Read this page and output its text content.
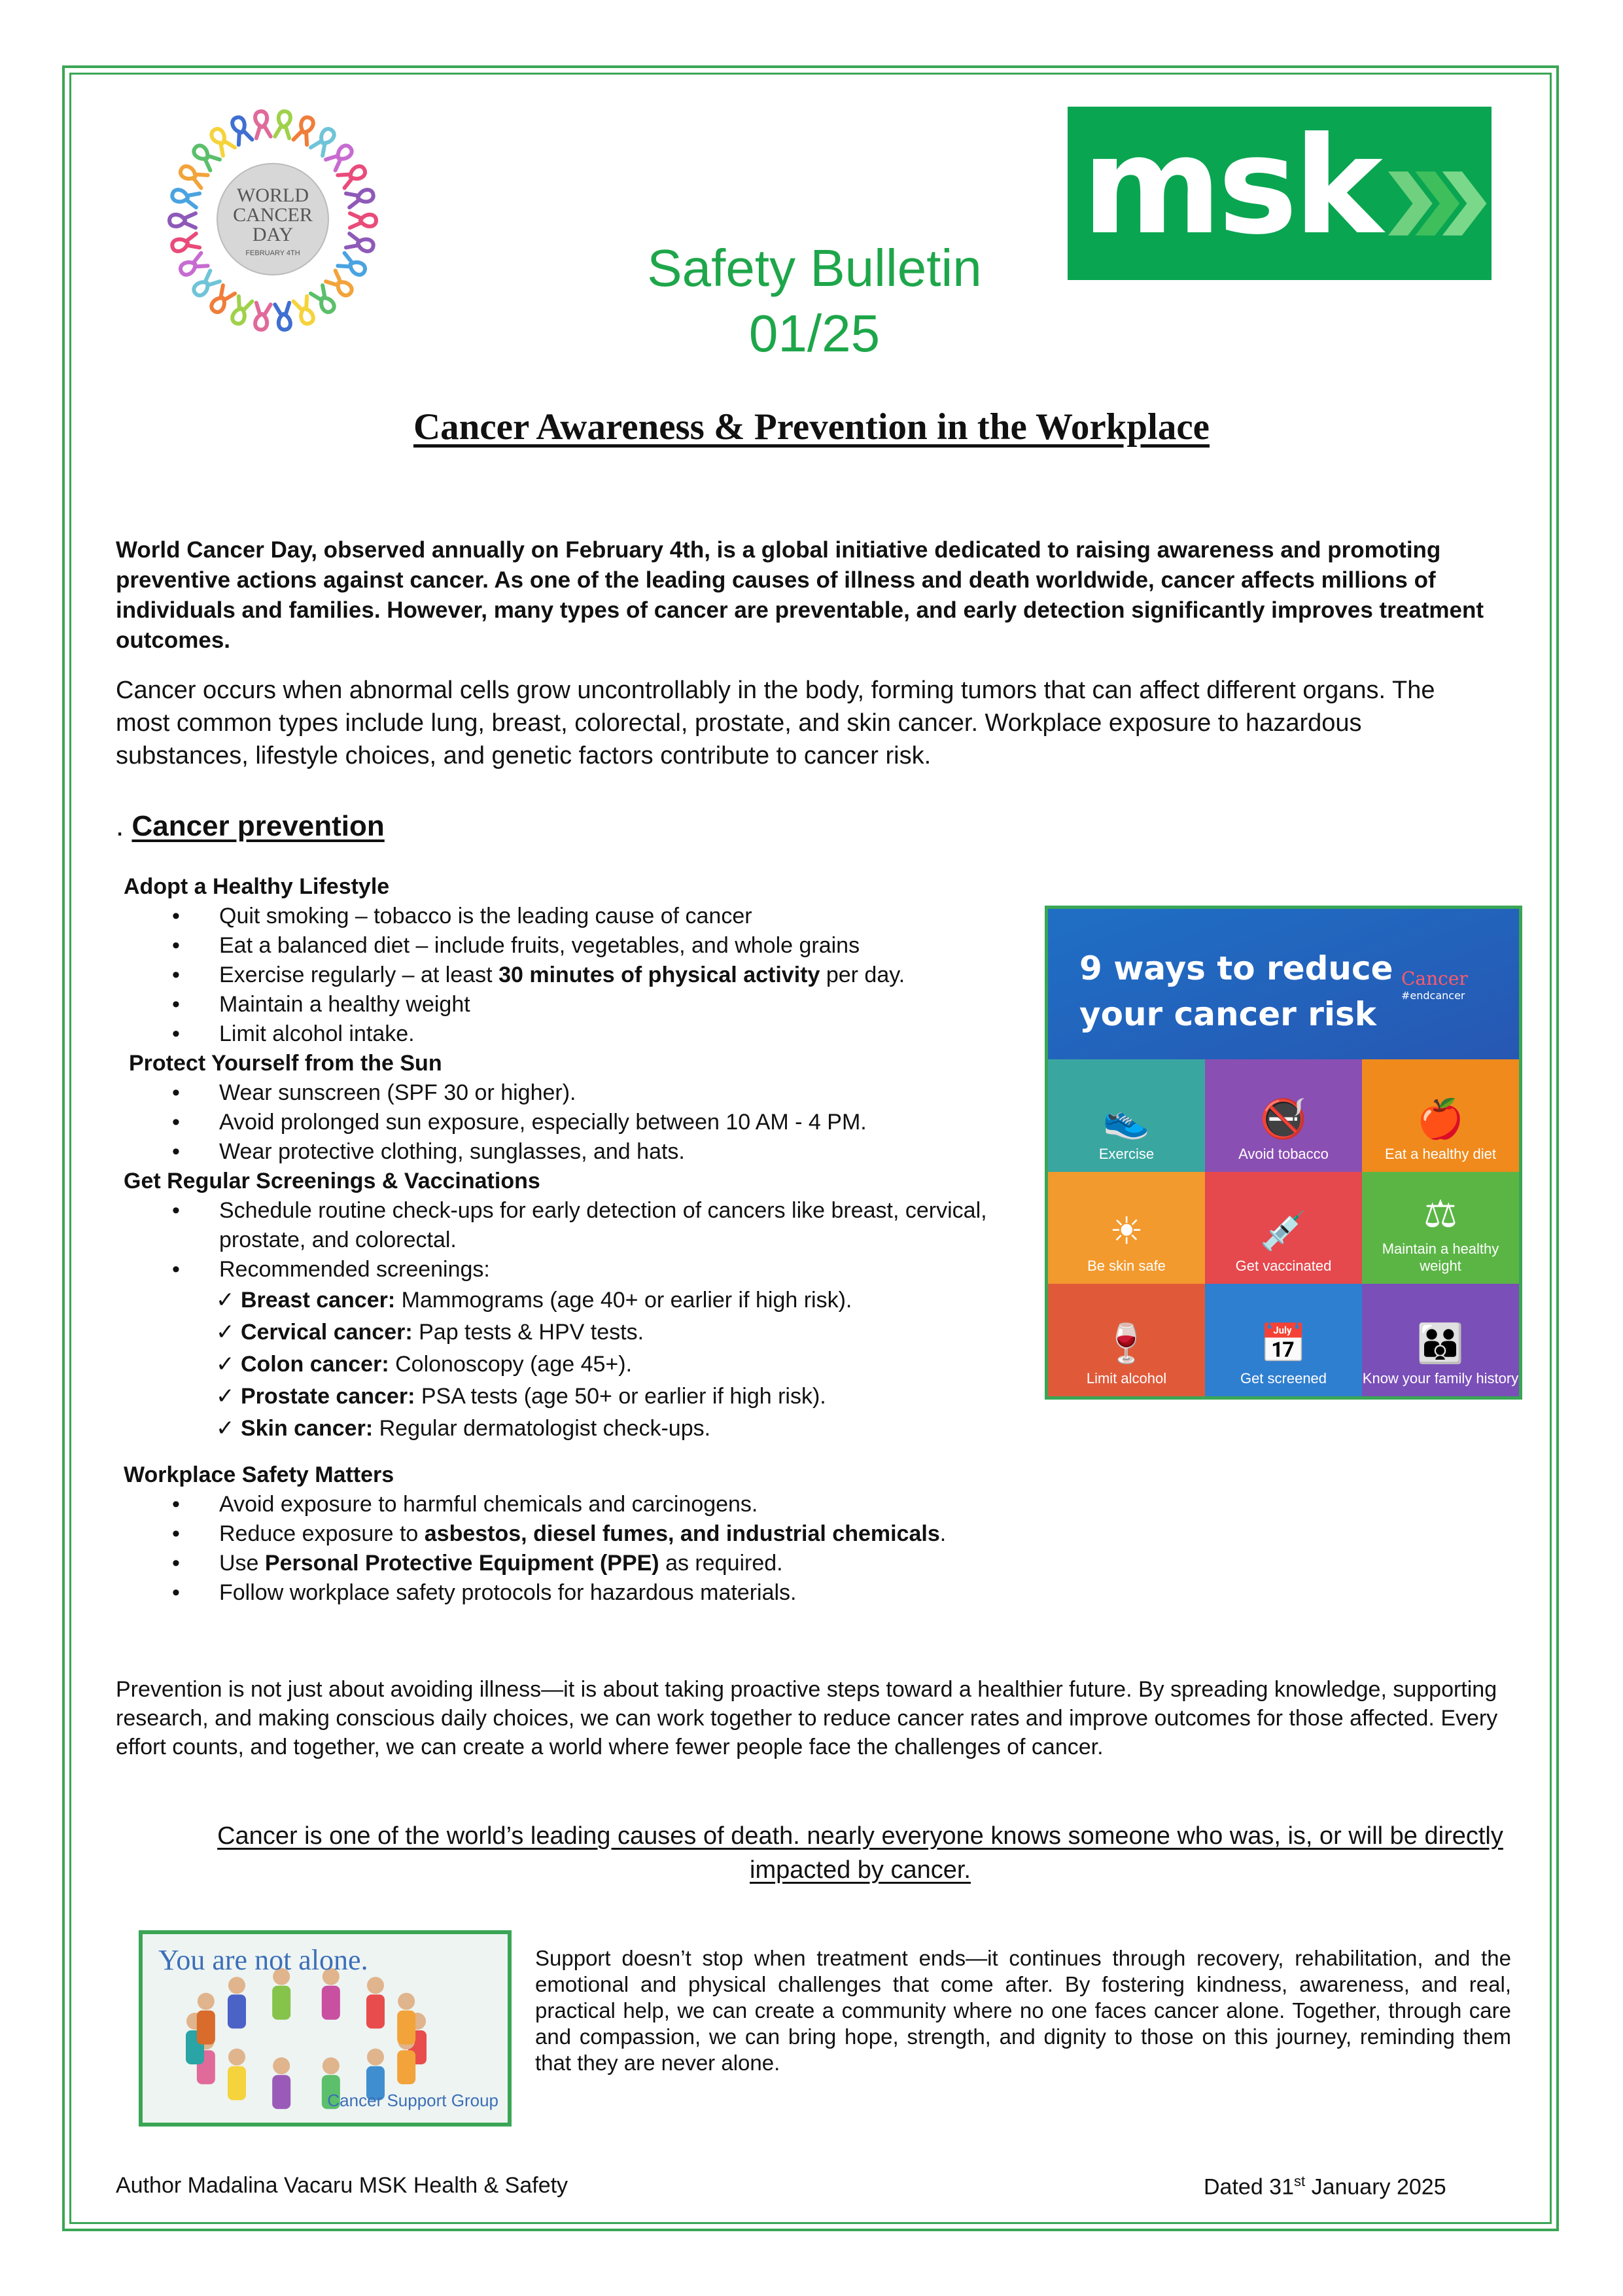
WORLD
CANCER
DAY
FEBRUARY 4TH	msk
Safety Bulletin
01/25
Cancer Awareness & Prevention in the Workplace
World Cancer Day, observed annually on February 4th, is a global initiative dedicated to raising awareness and promoting preventive actions against cancer. As one of the leading causes of illness and death worldwide, cancer affects millions of individuals and families. However, many types of cancer are preventable, and early detection significantly improves treatment outcomes.
Cancer occurs when abnormal cells grow uncontrollably in the body, forming tumors that can affect different organs. The most common types include lung, breast, colorectal, prostate, and skin cancer. Workplace exposure to hazardous substances, lifestyle choices, and genetic factors contribute to cancer risk.
. Cancer prevention
Adopt a Healthy Lifestyle
• Quit smoking – tobacco is the leading cause of cancer
• Eat a balanced diet – include fruits, vegetables, and whole grains
• Exercise regularly – at least 30 minutes of physical activity per day.
• Maintain a healthy weight
• Limit alcohol intake.
Protect Yourself from the Sun
• Wear sunscreen (SPF 30 or higher).
• Avoid prolonged sun exposure, especially between 10 AM - 4 PM.
• Wear protective clothing, sunglasses, and hats.
Get Regular Screenings & Vaccinations
• Schedule routine check-ups for early detection of cancers like breast, cervical, prostate, and colorectal.
• Recommended screenings:
✓ Breast cancer: Mammograms (age 40+ or earlier if high risk).
✓ Cervical cancer: Pap tests & HPV tests.
✓ Colon cancer: Colonoscopy (age 45+).
✓ Prostate cancer: PSA tests (age 50+ or earlier if high risk).
✓ Skin cancer: Regular dermatologist check-ups.
Workplace Safety Matters
• Avoid exposure to harmful chemicals and carcinogens.
• Reduce exposure to asbestos, diesel fumes, and industrial chemicals.
• Use Personal Protective Equipment (PPE) as required.
• Follow workplace safety protocols for hazardous materials.
9 ways to reduce
your cancer risk
Cancer
#endcancer
👟
Exercise
🚭
Avoid tobacco
🍎
Eat a healthy diet
☀
Be skin safe
💉
Get vaccinated
⚖
Maintain a healthy weight
🍷
Limit alcohol
📅
Get screened
👪
Know your family history
Prevention is not just about avoiding illness—it is about taking proactive steps toward a healthier future. By spreading knowledge, supporting research, and making conscious daily choices, we can work together to reduce cancer rates and improve outcomes for those affected. Every effort counts, and together, we can create a world where fewer people face the challenges of cancer.
Cancer is one of the world’s leading causes of death. nearly everyone knows someone who was, is, or will be directly impacted by cancer.
You are not alone.
Cancer Support Group
Support doesn’t stop when treatment ends—it continues through recovery, rehabilitation, and the emotional and physical challenges that come after. By fostering kindness, awareness, and real, practical help, we can create a community where no one faces cancer alone. Together, through care and compassion, we can bring hope, strength, and dignity to those on this journey, reminding them that they are never alone.
Author Madalina Vacaru MSK Health & Safety	Dated 31st January 2025
